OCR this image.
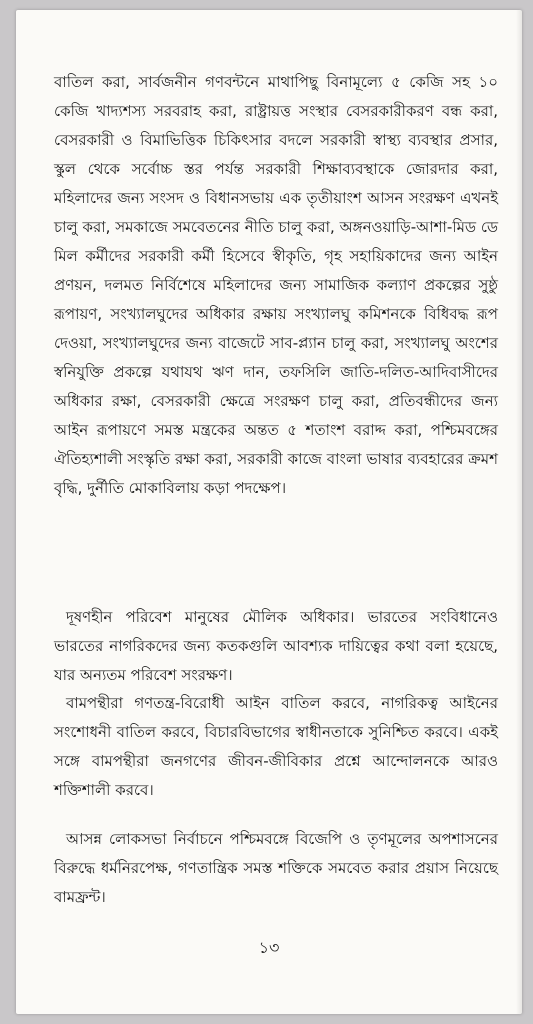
বাতিল করা, সার্বজনীন গণবন্টনে মাথাপিছু বিনামূল্যে ৫ কেজি সহ ১০ কেজি খাদ্যশস্য সরবরাহ করা, রাষ্ট্রায়ত্ত সংস্থার বেসরকারীকরণ বন্ধ করা, বেসরকারী ও বিমাভিত্তিক চিকিৎসার বদলে সরকারী স্বাস্থ্য ব্যবস্থার প্রসার, স্কুল থেকে সর্বোচ্চ স্তর পর্যন্ত সরকারী শিক্ষাব্যবস্থাকে জোরদার করা, মহিলাদের জন্য সংসদ ও বিধানসভায় এক তৃতীয়াংশ আসন সংরক্ষণ এখনই চালু করা, সমকাজে সমবেতনের নীতি চালু করা, অঙ্গনওয়াড়ি-আশা-মিড ডে মিল কর্মীদের সরকারী কর্মী হিসেবে স্বীকৃতি, গৃহ সহায়িকাদের জন্য আইন প্রণয়ন, দলমত নির্বিশেষে মহিলাদের জন্য সামাজিক কল্যাণ প্রকল্পের সুষ্ঠু রূপায়ণ, সংখ্যালঘুদের অধিকার রক্ষায় সংখ্যালঘু কমিশনকে বিধিবদ্ধ রূপ দেওয়া, সংখ্যালঘুদের জন্য বাজেটে সাব-প্ল্যান চালু করা, সংখ্যালঘু অংশের স্বনিযুক্তি প্রকল্পে যথাযথ ঋণ দান, তফসিলি জাতি-দলিত-আদিবাসীদের অধিকার রক্ষা, বেসরকারী ক্ষেত্রে সংরক্ষণ চালু করা, প্রতিবন্ধীদের জন্য আইন রূপায়ণে সমস্ত মন্ত্রকের অন্তত ৫ শতাংশ বরাদ্দ করা, পশ্চিমবঙ্গের ঐতিহ্যশালী সংস্কৃতি রক্ষা করা, সরকারী কাজে বাংলা ভাষার ব্যবহারের ক্রমশ বৃদ্ধি, দুর্নীতি মোকাবিলায় কড়া পদক্ষেপ।

দূষণহীন পরিবেশ মানুষের মৌলিক অধিকার। ভারতের সংবিধানেও ভারতের নাগরিকদের জন্য কতকগুলি আবশ্যক দায়িত্বের কথা বলা হয়েছে, যার অন্যতম পরিবেশ সংরক্ষণ।

বামপন্থীরা গণতন্ত্র-বিরোধী আইন বাতিল করবে, নাগরিকত্ব আইনের সংশোধনী বাতিল করবে, বিচারবিভাগের স্বাধীনতাকে সুনিশ্চিত করবে। একই সঙ্গে বামপন্থীরা জনগণের জীবন-জীবিকার প্রশ্নে আন্দোলনকে আরও শক্তিশালী করবে।

আসন্ন লোকসভা নির্বাচনে পশ্চিমবঙ্গে বিজেপি ও তৃণমূলের অপশাসনের বিরুদ্ধে ধর্মনিরপেক্ষ, গণতান্ত্রিক সমস্ত শক্তিকে সমবেত করার প্রয়াস নিয়েছে বামফ্রন্ট।

১৩
